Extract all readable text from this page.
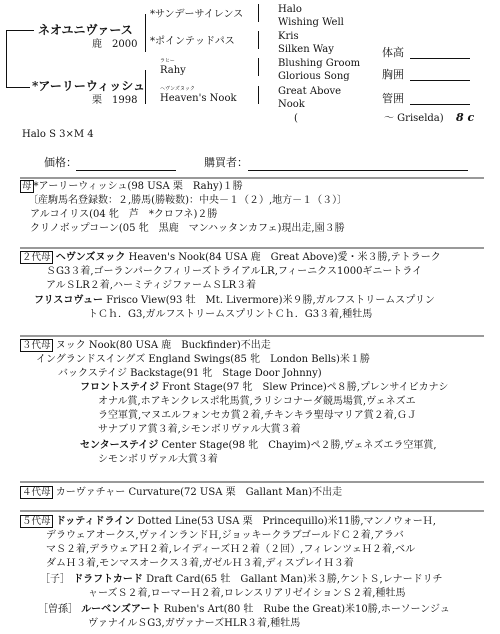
ネオユニヴァース
鹿　2000
*アーリーウィッシュ
栗　1998
*サンデーサイレンス
*ポインテッドパス
ラヒー
Rahy
ヘヴンズヌック
Heaven's Nook
Halo
Wishing Well
Kris
Silken Way
Blushing Groom
Glorious Song
Great Above
Nook
(	～ Griselda) 8 c
体高
胸囲
管囲
Halo S 3×M 4
価格：	購買者：
母 *アーリーウィッシュ(98 USA 栗　Rahy)１勝
〔産駒馬名登録数：２,勝馬(勝鞍数)：中央－１（２）,地方－１（３）〕
アルコイリス(04 牝　芦　*クロフネ)２勝
クリノボップコーン(05 牝　黒鹿　マンハッタンカフェ)現出走,園３勝
２代母 ヘヴンズヌック Heaven's Nook(84 USA 鹿　Great Above)愛・米３勝,テトラーク
ＳG3３着,ゴーランパークフィリーズトライアルLR,フィーニクス1000ギニートライ
アルＳLR２着,ハーミティジファームＳLR３着
フリスコヴュー Frisco View(93 牡　Mt. Livermore)米９勝,ガルフストリームスプリン
トＣｈ．G3,ガルフストリームスプリントＣｈ．G3３着,種牡馬
３代母 ヌック Nook(80 USA 鹿　Buckfinder)不出走
イングランドスイングズ England Swings(85 牝　London Bells)米１勝
バックステイジ Backstage(91 牝　Stage Door Johnny)
フロントステイジ Front Stage(97 牝　Slew Prince)ペ８勝,プレンサイビカナシ
オナル賞,ホアキンクレスポ牝馬賞,ラリシコナーダ競馬場賞,ヴェネズエ
ラ空軍賞,マヌエルフォンセカ賞２着,チキンキラ聖母マリア賞２着,ＧＪ
サナブリア賞３着,シモンボリヴァル大賞３着
センターステイジ Center Stage(98 牝　Chayim)ペ２勝,ヴェネズエラ空軍賞,
シモンボリヴァル大賞３着
４代母 カーヴァチャー Curvature(72 USA 栗　Gallant Man)不出走
５代母 ドッティドライン Dotted Line(53 USA 栗　Princequillo)米11勝,マンノウォーＨ,
デラウェアオークス,ヴァインランドＨ,ジョッキークラブゴールドＣ２着,アラバ
マＳ２着,デラウェアＨ２着,レイディーズＨ２着（２回）,フィレンツェＨ２着,ベル
ダムＨ３着,モンマスオークス３着,ガゼルＨ３着,ディスプレイＨ３着
［子］ ドラフトカード Draft Card(65 牡　Gallant Man)米３勝,ケントＳ,レナードリチ
ャーズＳ２着,ローマーＨ２着,ロレンスリアリゼイションＳ２着,種牡馬
［曽孫］ ルーベンズアート Ruben's Art(80 牡　Rube the Great)米10勝,ホーソーンジュ
ヴァナイルＳG3,ガヴァナーズHLR３着,種牡馬
